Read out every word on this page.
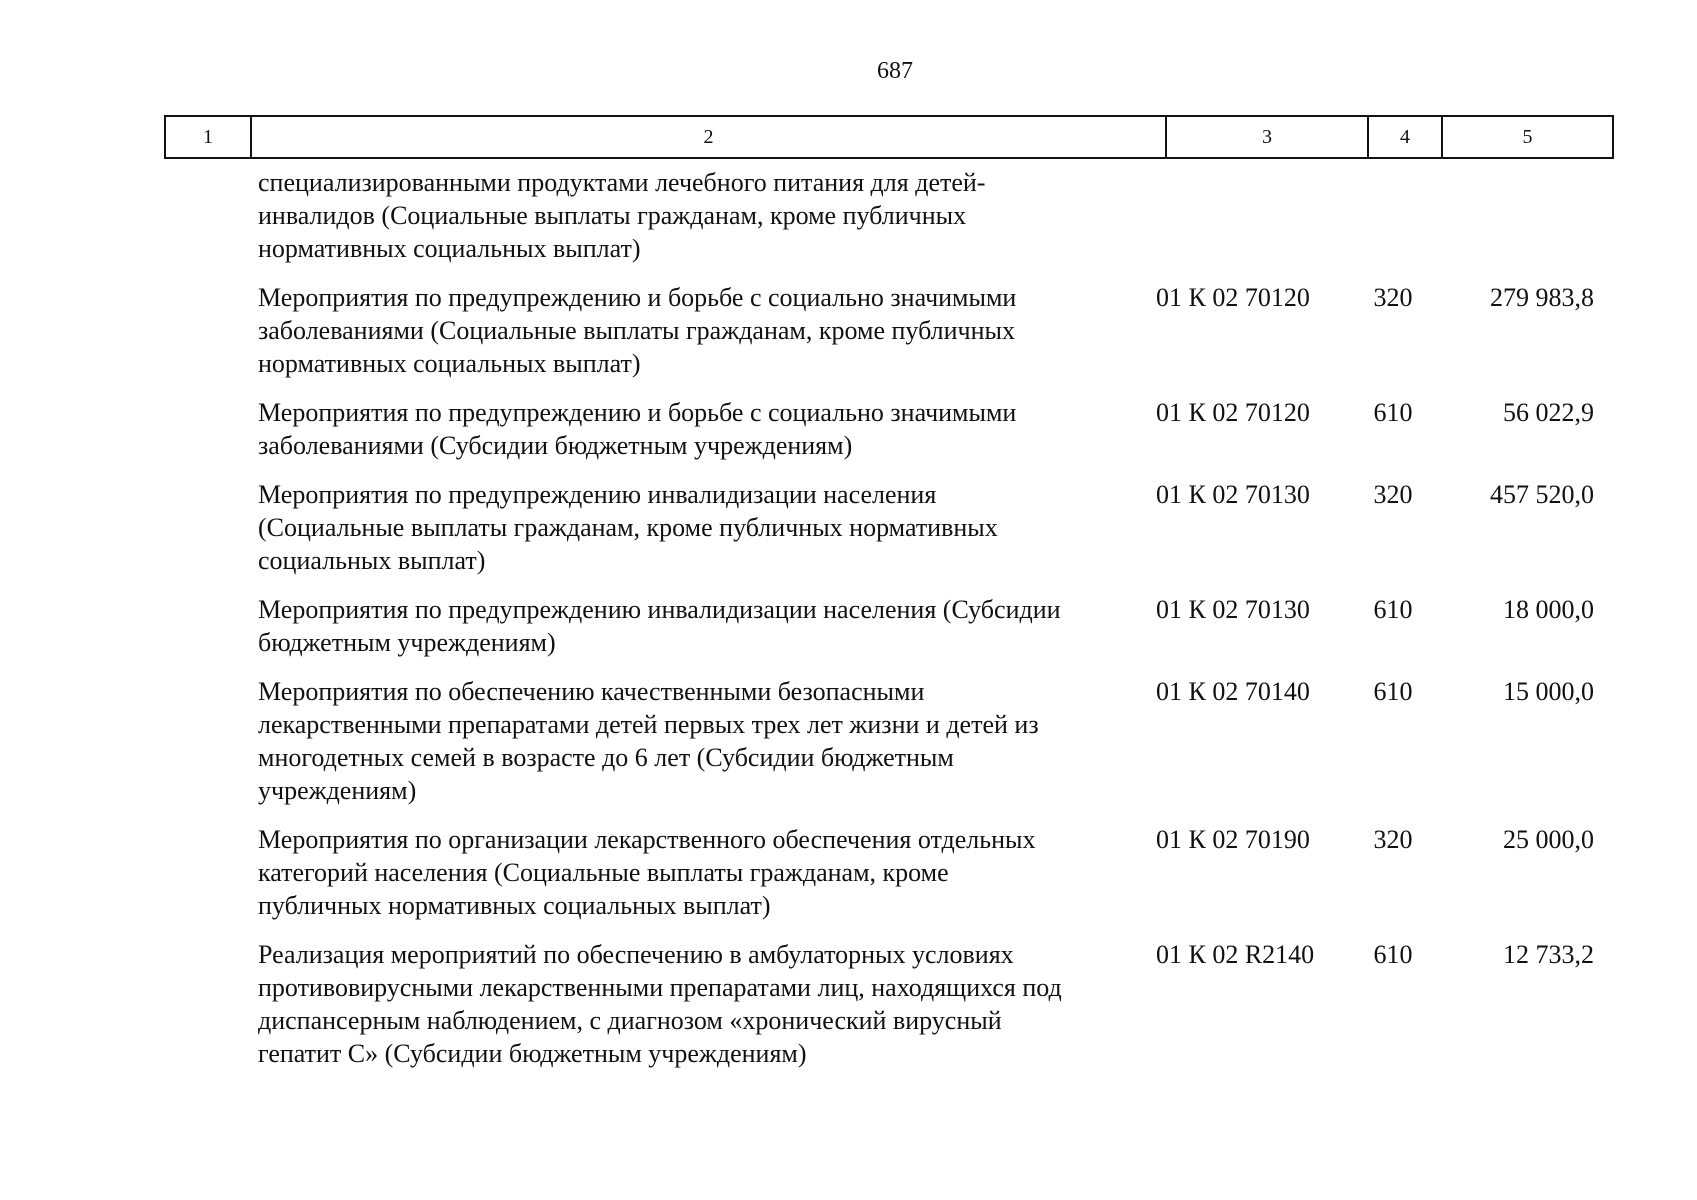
687
1	2	3	4	5
специализированными продуктами лечебного питания для детей-
инвалидов (Социальные выплаты гражданам, кроме публичных
нормативных социальных выплат)
Мероприятия по предупреждению и борьбе с социально значимыми
заболеваниями (Социальные выплаты гражданам, кроме публичных
нормативных социальных выплат)
01 К 02 70120	320	279 983,8
Мероприятия по предупреждению и борьбе с социально значимыми
заболеваниями (Субсидии бюджетным учреждениям)
01 К 02 70120	610	56 022,9
Мероприятия по предупреждению инвалидизации населения
(Социальные выплаты гражданам, кроме публичных нормативных
социальных выплат)
01 К 02 70130	320	457 520,0
Мероприятия по предупреждению инвалидизации населения (Субсидии
бюджетным учреждениям)
01 К 02 70130	610	18 000,0
Мероприятия по обеспечению качественными безопасными
лекарственными препаратами детей первых трех лет жизни и детей из
многодетных семей в возрасте до 6 лет (Субсидии бюджетным
учреждениям)
01 К 02 70140	610	15 000,0
Мероприятия по организации лекарственного обеспечения отдельных
категорий населения (Социальные выплаты гражданам, кроме
публичных нормативных социальных выплат)
01 К 02 70190	320	25 000,0
Реализация мероприятий по обеспечению в амбулаторных условиях
противовирусными лекарственными препаратами лиц, находящихся под
диспансерным наблюдением, с диагнозом «хронический вирусный
гепатит С» (Субсидии бюджетным учреждениям)
01 К 02 R2140	610	12 733,2
